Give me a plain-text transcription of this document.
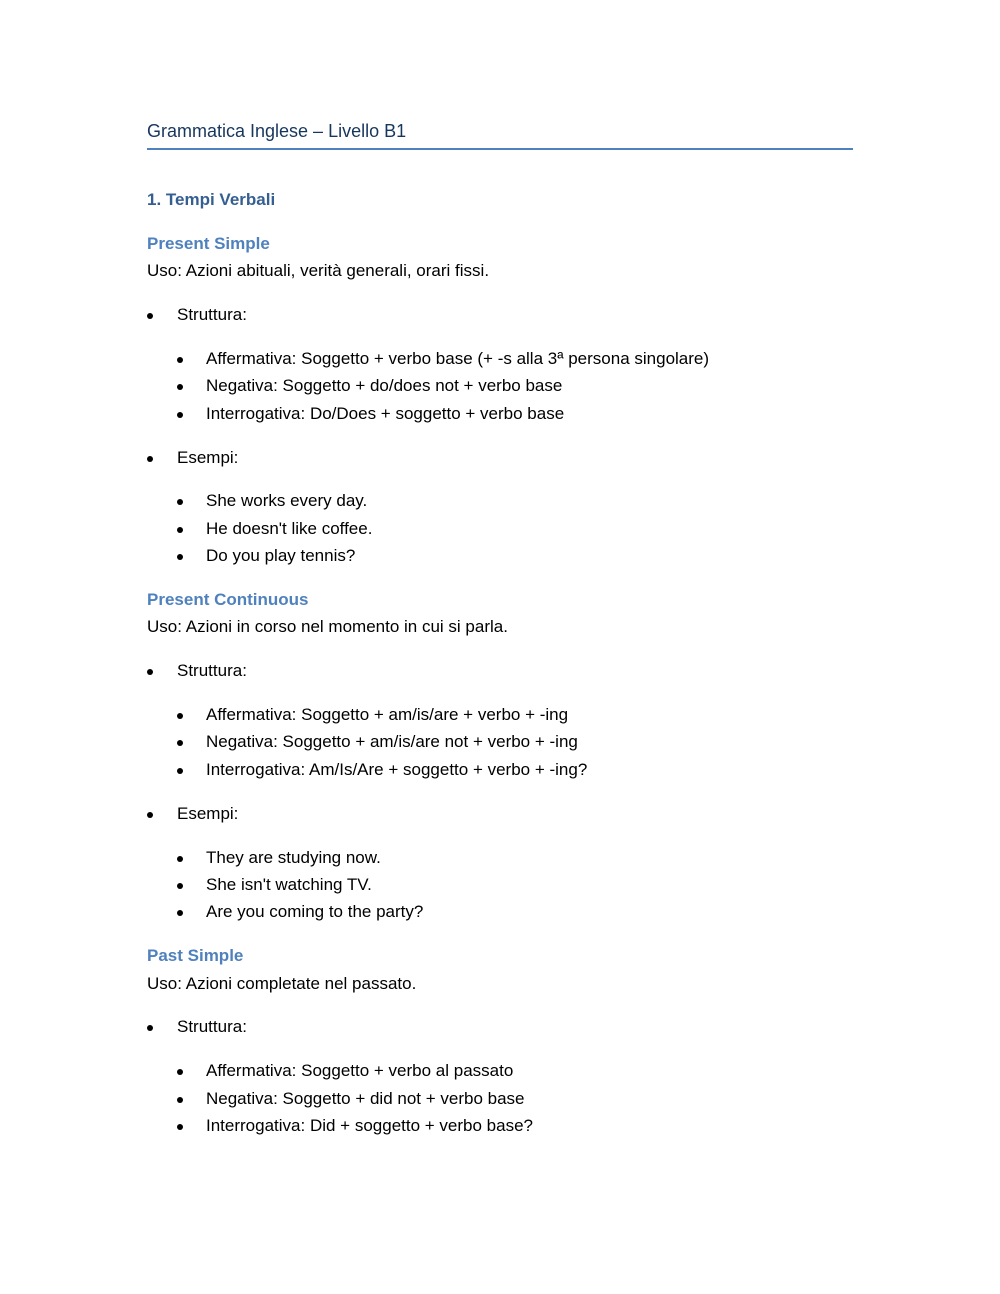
Grammatica Inglese – Livello B1
1. Tempi Verbali
Present Simple
Uso: Azioni abituali, verità generali, orari fissi.
Struttura:
Affermativa: Soggetto + verbo base (+ -s alla 3ª persona singolare)
Negativa: Soggetto + do/does not + verbo base
Interrogativa: Do/Does + soggetto + verbo base
Esempi:
She works every day.
He doesn't like coffee.
Do you play tennis?
Present Continuous
Uso: Azioni in corso nel momento in cui si parla.
Struttura:
Affermativa: Soggetto + am/is/are + verbo + -ing
Negativa: Soggetto + am/is/are not + verbo + -ing
Interrogativa: Am/Is/Are + soggetto + verbo + -ing?
Esempi:
They are studying now.
She isn't watching TV.
Are you coming to the party?
Past Simple
Uso: Azioni completate nel passato.
Struttura:
Affermativa: Soggetto + verbo al passato
Negativa: Soggetto + did not + verbo base
Interrogativa: Did + soggetto + verbo base?
